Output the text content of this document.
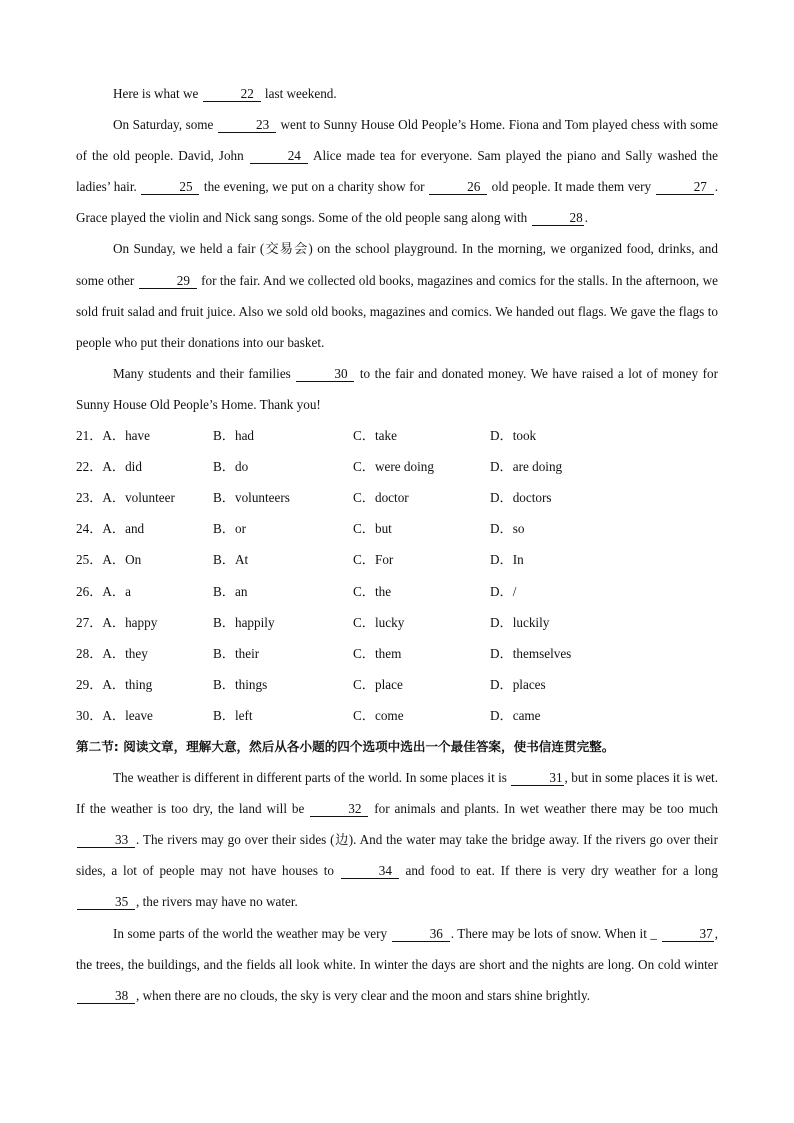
Here is what we	22 last weekend.

On Saturday, some	23 went to Sunny House Old People’s Home. Fiona and Tom played chess with some of the old people. David, John	24 Alice made tea for everyone. Sam played the piano and Sally washed the ladies’ hair.	25 the evening, we put on a charity show for	26 old people. It made them very	27 . Grace played the violin and Nick sang songs. Some of the old people sang along with	28 .

On Sunday, we held a fair (交易会) on the school playground. In the morning, we organized food, drinks, and some other	29 for the fair. And we collected old books, magazines and comics for the stalls. In the afternoon, we sold fruit salad and fruit juice. Also we sold old books, magazines and comics. We handed out flags. We gave the flags to people who put their donations into our basket.

Many students and their families	30 to the fair and donated money. We have raised a lot of money for Sunny House Old People’s Home. Thank you!

21．A．have	B．had	C．take	D．took
22．A．did	B．do	C．were doing	D．are doing
23．A．volunteer	B．volunteers	C．doctor	D．doctors
24．A．and	B．or	C．but	D．so
25．A．On	B．At	C．For	D．In
26．A．a	B．an	C．the	D．/
27．A．happy	B．happily	C．lucky	D．luckily
28．A．they	B．their	C．them	D．themselves
29．A．thing	B．things	C．place	D．places
30．A．leave	B．left	C．come	D．came

第二节: 阅读文章，理解大意，然后从各小题的四个选项中选出一个最佳答案，使书信连贯完整。

The weather is different in different parts of the world. In some places it is	31 , but in some places it is wet. If the weather is too dry, the land will be	32 for animals and plants. In wet weather there may be too much 33 . The rivers may go over their sides (边). And the water may take the bridge away. If the rivers go over their sides, a lot of people may not have houses to	34 and food to eat. If there is very dry weather for a long 35 , the rivers may have no water.

In some parts of the world the weather may be very	36 . There may be lots of snow. When it _	37 , the trees, the buildings, and the fields all look white. In winter the days are short and the nights are long. On cold winter 38 , when there are no clouds, the sky is very clear and the moon and stars shine brightly.
